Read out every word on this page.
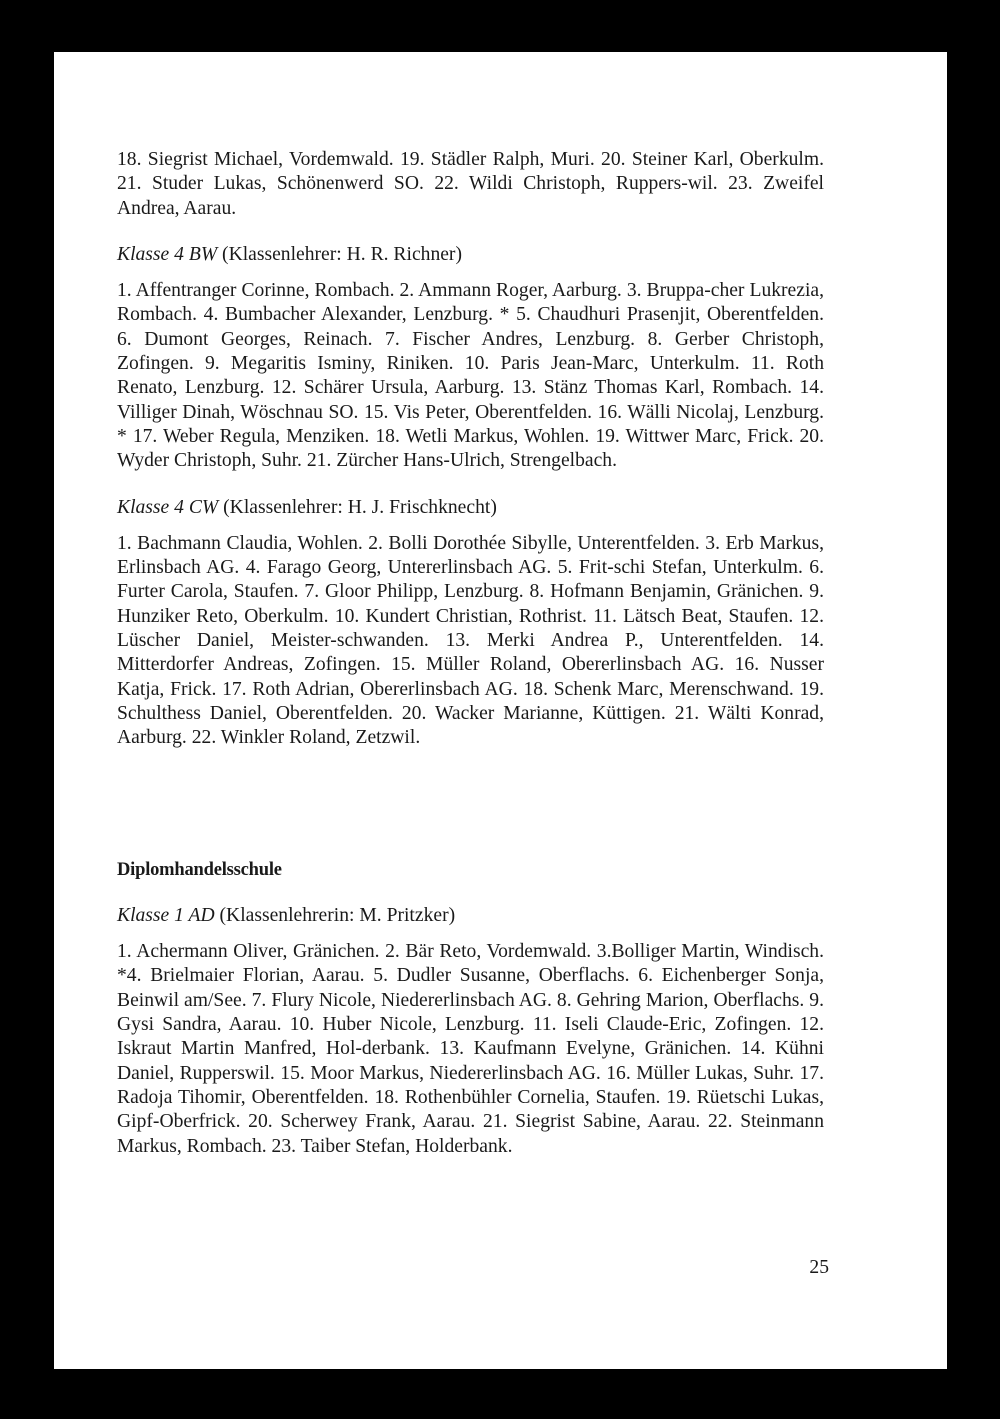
18. Siegrist Michael, Vordemwald. 19. Städler Ralph, Muri. 20. Steiner Karl, Oberkulm. 21. Studer Lukas, Schönenwerd SO. 22. Wildi Christoph, Ruppers-wil. 23. Zweifel Andrea, Aarau.

Klasse 4 BW (Klassenlehrer: H. R. Richner)

1. Affentranger Corinne, Rombach. 2. Ammann Roger, Aarburg. 3. Bruppa-cher Lukrezia, Rombach. 4. Bumbacher Alexander, Lenzburg. * 5. Chaudhuri Prasenjit, Oberentfelden. 6. Dumont Georges, Reinach. 7. Fischer Andres, Lenzburg. 8. Gerber Christoph, Zofingen. 9. Megaritis Isminy, Riniken. 10. Paris Jean-Marc, Unterkulm. 11. Roth Renato, Lenzburg. 12. Schärer Ursula, Aarburg. 13. Stänz Thomas Karl, Rombach. 14. Villiger Dinah, Wöschnau SO. 15. Vis Peter, Oberentfelden. 16. Wälli Nicolaj, Lenzburg. * 17. Weber Regula, Menziken. 18. Wetli Markus, Wohlen. 19. Wittwer Marc, Frick. 20. Wyder Christoph, Suhr. 21. Zürcher Hans-Ulrich, Strengelbach.

Klasse 4 CW (Klassenlehrer: H. J. Frischknecht)

1. Bachmann Claudia, Wohlen. 2. Bolli Dorothée Sibylle, Unterentfelden. 3. Erb Markus, Erlinsbach AG. 4. Farago Georg, Untererlinsbach AG. 5. Frit-schi Stefan, Unterkulm. 6. Furter Carola, Staufen. 7. Gloor Philipp, Lenzburg. 8. Hofmann Benjamin, Gränichen. 9. Hunziker Reto, Oberkulm. 10. Kundert Christian, Rothrist. 11. Lätsch Beat, Staufen. 12. Lüscher Daniel, Meister-schwanden. 13. Merki Andrea P., Unterentfelden. 14. Mitterdorfer Andreas, Zofingen. 15. Müller Roland, Obererlinsbach AG. 16. Nusser Katja, Frick. 17. Roth Adrian, Obererlinsbach AG. 18. Schenk Marc, Merenschwand. 19. Schulthess Daniel, Oberentfelden. 20. Wacker Marianne, Küttigen. 21. Wälti Konrad, Aarburg. 22. Winkler Roland, Zetzwil.

Diplomhandelsschule

Klasse 1 AD (Klassenlehrerin: M. Pritzker)

1. Achermann Oliver, Gränichen. 2. Bär Reto, Vordemwald. 3.Bolliger Martin, Windisch. *4. Brielmaier Florian, Aarau. 5. Dudler Susanne, Oberflachs. 6. Eichenberger Sonja, Beinwil am/See. 7. Flury Nicole, Niedererlinsbach AG. 8. Gehring Marion, Oberflachs. 9. Gysi Sandra, Aarau. 10. Huber Nicole, Lenzburg. 11. Iseli Claude-Eric, Zofingen. 12. Iskraut Martin Manfred, Hol-derbank. 13. Kaufmann Evelyne, Gränichen. 14. Kühni Daniel, Rupperswil. 15. Moor Markus, Niedererlinsbach AG. 16. Müller Lukas, Suhr. 17. Radoja Tihomir, Oberentfelden. 18. Rothenbühler Cornelia, Staufen. 19. Rüetschi Lukas, Gipf-Oberfrick. 20. Scherwey Frank, Aarau. 21. Siegrist Sabine, Aarau. 22. Steinmann Markus, Rombach. 23. Taiber Stefan, Holderbank.

25
